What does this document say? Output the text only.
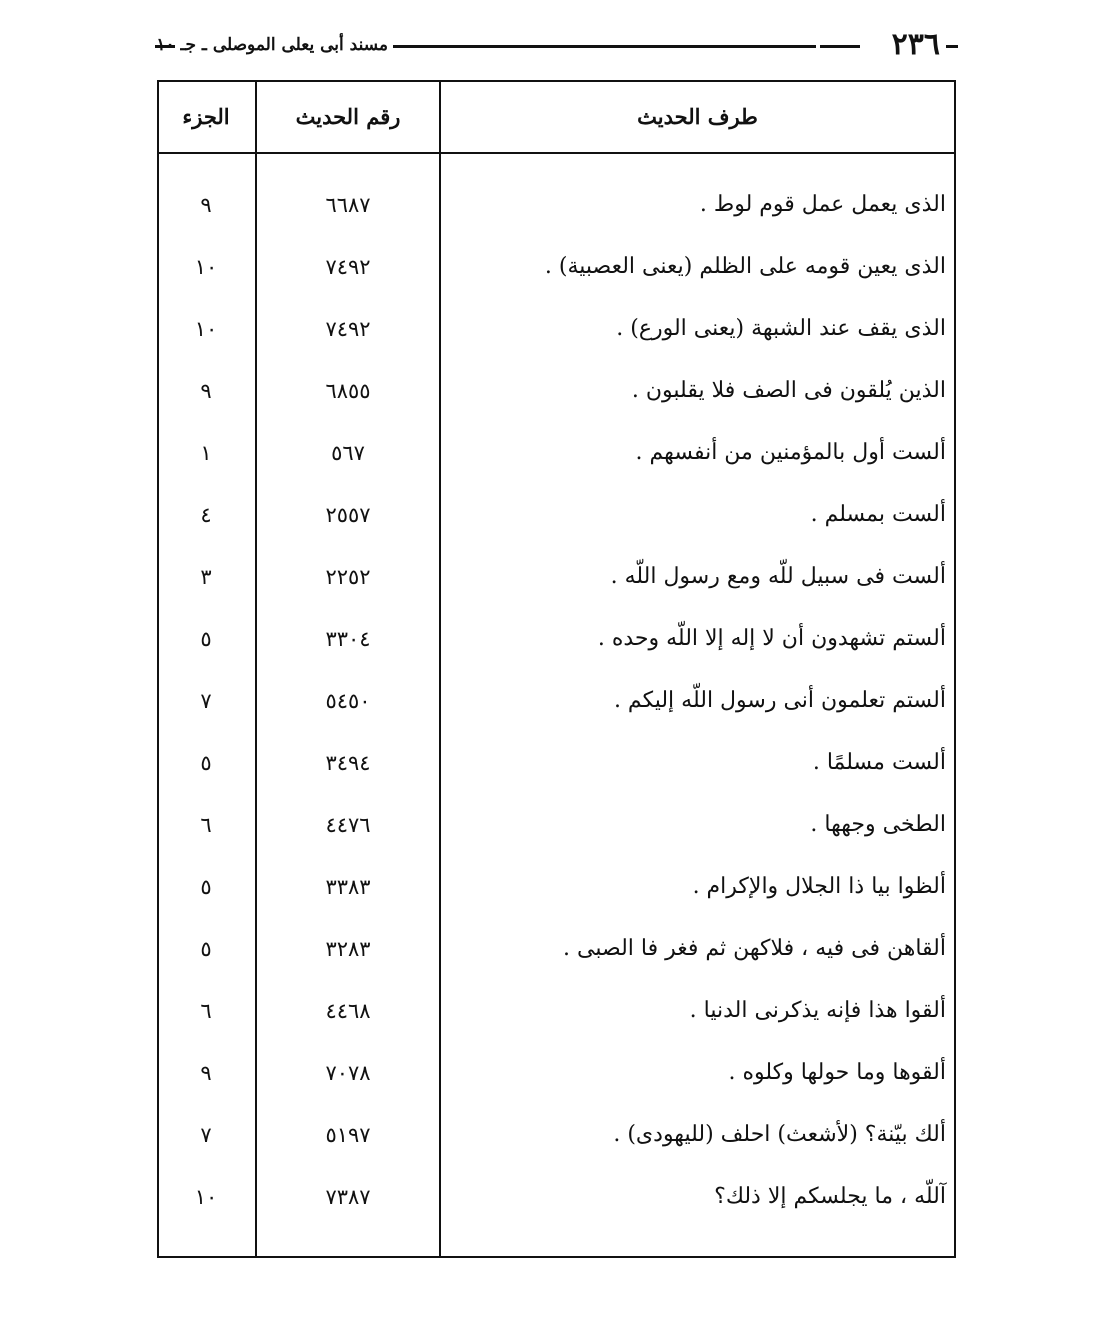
٢٣٦
مسند أبى يعلى الموصلى ـ جـ
طرف الحديث
رقم الحديث
الجزء
الذى يعمل عمل قوم لوط .
٦٦٨٧
٩
الذى يعين قومه على الظلم (يعنى العصبية) .
٧٤٩٢
١٠
الذى يقف عند الشبهة (يعنى الورع) .
٧٤٩٢
١٠
الذين يُلقون فى الصف فلا يقلبون .
٦٨٥٥
٩
ألست أول بالمؤمنين من أنفسهم .
٥٦٧
١
ألست بمسلم .
٢٥٥٧
٤
ألست فى سبيل للّه ومع رسول اللّه .
٢٢٥٢
٣
ألستم تشهدون أن لا إله إلا اللّه وحده .
٣٣٠٤
٥
ألستم تعلمون أنى رسول اللّه إليكم .
٥٤٥٠
٧
ألست مسلمًا .
٣٤٩٤
٥
الطخى وجهها .
٤٤٧٦
٦
ألظوا بيا ذا الجلال والإكرام .
٣٣٨٣
٥
ألقاهن فى فيه ، فلاكهن ثم فغر فا الصبى .
٣٢٨٣
٥
ألقوا هذا فإنه يذكرنى الدنيا .
٤٤٦٨
٦
ألقوها وما حولها وكلوه .
٧٠٧٨
٩
ألك بيّنة؟ (لأشعث) احلف (لليهودى) .
٥١٩٧
٧
آللّه ، ما يجلسكم إلا ذلك؟
٧٣٨٧
١٠
